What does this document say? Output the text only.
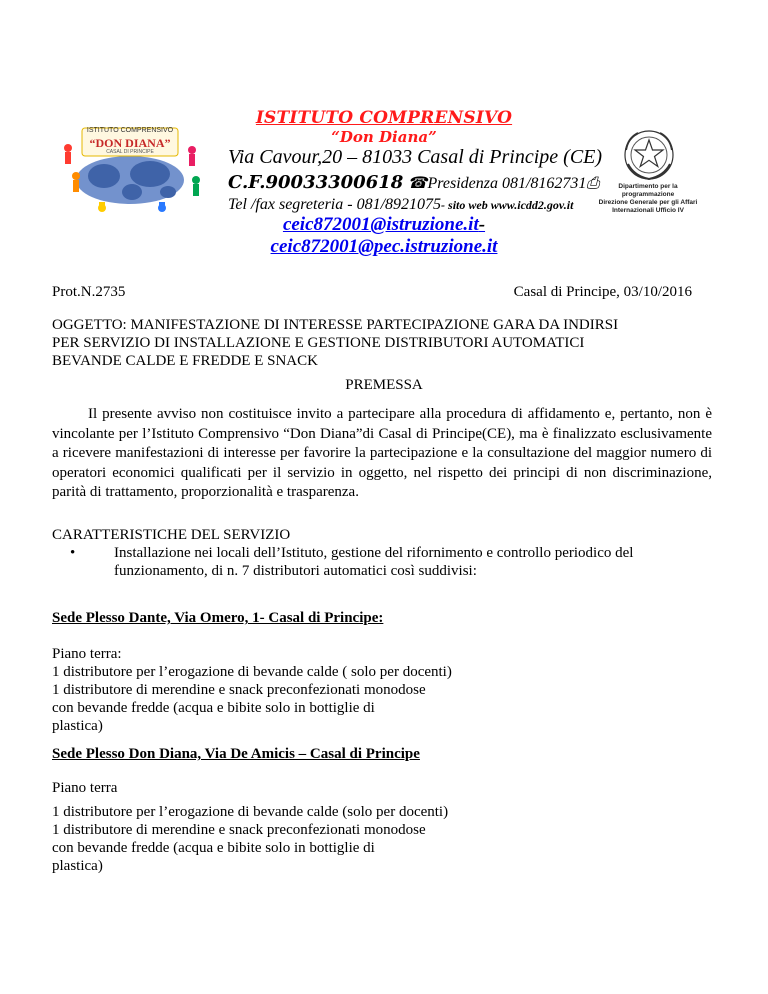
ISTITUTO COMPRENSIVO
“DON DIANA”
CASAL DI PRINCIPE
ISTITUTO COMPRENSIVO
“Don Diana”
Via Cavour,20 – 81033 Casal di Principe (CE)
C.F.90033300618 ☎Presidenza 081/8162731⎙
Tel /fax segreteria - 081/8921075- sito web www.icdd2.gov.it
ceic872001@istruzione.it-
ceic872001@pec.istruzione.it
Dipartimento per la
programmazione
Direzione Generale per gli Affari
Internazionali Ufficio IV
Prot.N.2735	Casal di Principe, 03/10/2016
OGGETTO: MANIFESTAZIONE DI INTERESSE PARTECIPAZIONE GARA DA INDIRSI
PER SERVIZIO DI INSTALLAZIONE E GESTIONE DISTRIBUTORI AUTOMATICI
BEVANDE CALDE E FREDDE E SNACK
PREMESSA
Il presente avviso non costituisce invito a partecipare alla procedura di affidamento e, pertanto, non è vincolante per l’Istituto Comprensivo “Don Diana”di Casal di Principe(CE), ma è finalizzato esclusivamente a ricevere manifestazioni di interesse per favorire la partecipazione e la consultazione del maggior numero di operatori economici qualificati per il servizio in oggetto, nel rispetto dei principi di non discriminazione, parità di trattamento, proporzionalità e trasparenza.
CARATTERISTICHE DEL SERVIZIO
•	Installazione nei locali dell’Istituto, gestione del rifornimento e controllo periodico del funzionamento, di n. 7 distributori automatici così suddivisi:
Sede Plesso Dante, Via Omero, 1- Casal di Principe:
Piano terra:
1 distributore per l’erogazione di bevande calde ( solo per docenti)
1 distributore di merendine e snack preconfezionati monodose
con bevande fredde (acqua e bibite solo in bottiglie di
plastica)
Sede Plesso Don Diana, Via De Amicis – Casal di Principe
Piano terra
1 distributore per l’erogazione di bevande calde (solo per docenti)
1 distributore di merendine e snack preconfezionati monodose
con bevande fredde (acqua e bibite solo in bottiglie di
plastica)
